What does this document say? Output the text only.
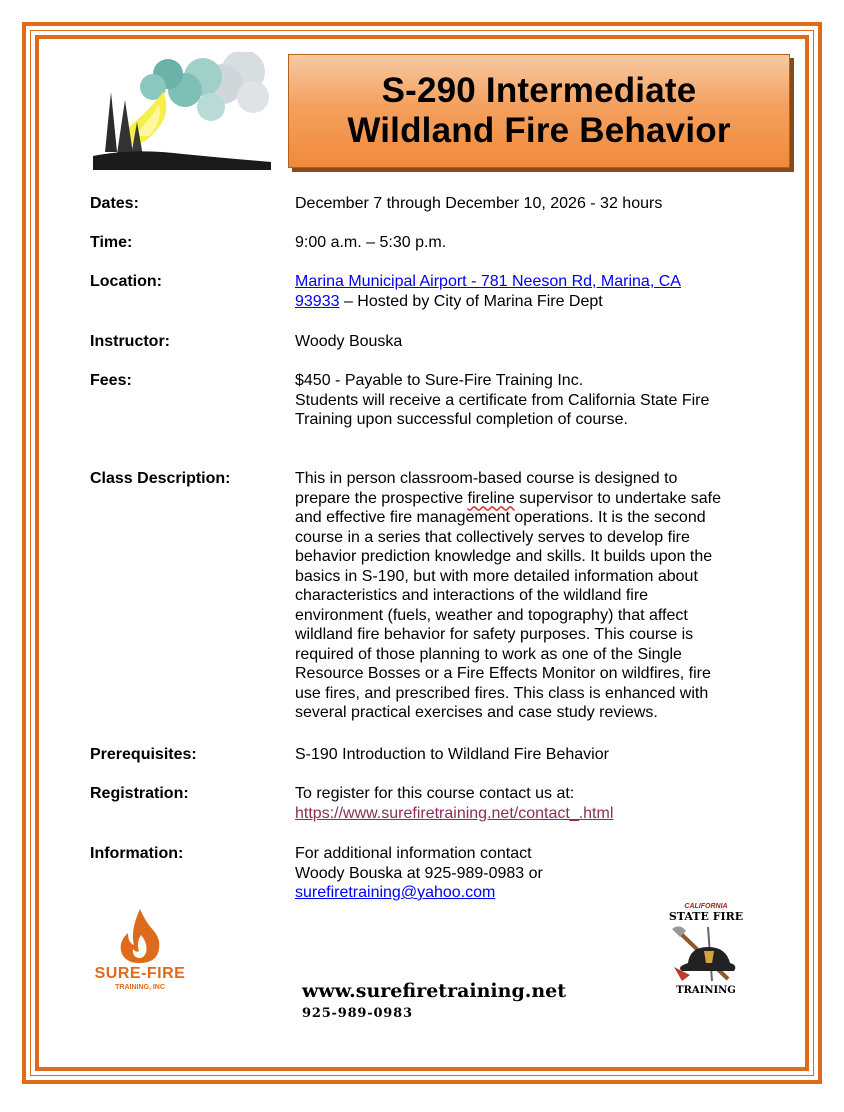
S-290 Intermediate
Wildland Fire Behavior
Dates:	December 7 through December 10, 2026 - 32 hours
Time:	9:00 a.m. – 5:30 p.m.
Location:	Marina Municipal Airport - 781 Neeson Rd, Marina, CA
93933 – Hosted by City of Marina Fire Dept
Instructor:	Woody Bouska
Fees:	$450 - Payable to Sure-Fire Training Inc.
Students will receive a certificate from California State Fire
Training upon successful completion of course.
Class Description:	This in person classroom-based course is designed to
prepare the prospective fireline supervisor to undertake safe
and effective fire management operations. It is the second
course in a series that collectively serves to develop fire
behavior prediction knowledge and skills. It builds upon the
basics in S-190, but with more detailed information about
characteristics and interactions of the wildland fire
environment (fuels, weather and topography) that affect
wildland fire behavior for safety purposes. This course is
required of those planning to work as one of the Single
Resource Bosses or a Fire Effects Monitor on wildfires, fire
use fires, and prescribed fires. This class is enhanced with
several practical exercises and case study reviews.
Prerequisites:	S-190 Introduction to Wildland Fire Behavior
Registration:	To register for this course contact us at:
https://www.surefiretraining.net/contact_.html
Information:	For additional information contact
Woody Bouska at 925-989-0983 or
surefiretraining@yahoo.com
SURE-FIRE
TRAINING, INC	www.surefiretraining.net
925-989-0983
CALIFORNIA
STATE FIRE
TRAINING
